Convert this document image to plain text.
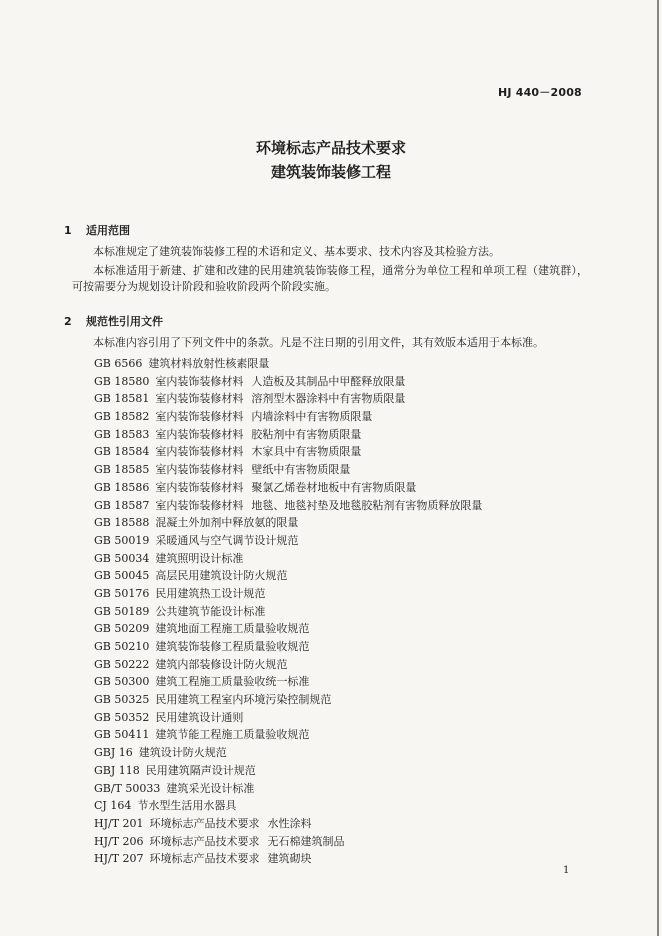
HJ 440－2008
环境标志产品技术要求
建筑装饰装修工程
1 适用范围
本标准规定了建筑装饰装修工程的术语和定义、基本要求、技术内容及其检验方法。
本标准适用于新建、扩建和改建的民用建筑装饰装修工程，通常分为单位工程和单项工程（建筑群），可按需要分为规划设计阶段和验收阶段两个阶段实施。
2 规范性引用文件
本标准内容引用了下列文件中的条款。凡是不注日期的引用文件，其有效版本适用于本标准。
GB 6566 建筑材料放射性核素限量
GB 18580 室内装饰装修材料 人造板及其制品中甲醛释放限量
GB 18581 室内装饰装修材料 溶剂型木器涂料中有害物质限量
GB 18582 室内装饰装修材料 内墙涂料中有害物质限量
GB 18583 室内装饰装修材料 胶粘剂中有害物质限量
GB 18584 室内装饰装修材料 木家具中有害物质限量
GB 18585 室内装饰装修材料 壁纸中有害物质限量
GB 18586 室内装饰装修材料 聚氯乙烯卷材地板中有害物质限量
GB 18587 室内装饰装修材料 地毯、地毯衬垫及地毯胶粘剂有害物质释放限量
GB 18588 混凝土外加剂中释放氨的限量
GB 50019 采暖通风与空气调节设计规范
GB 50034 建筑照明设计标准
GB 50045 高层民用建筑设计防火规范
GB 50176 民用建筑热工设计规范
GB 50189 公共建筑节能设计标准
GB 50209 建筑地面工程施工质量验收规范
GB 50210 建筑装饰装修工程质量验收规范
GB 50222 建筑内部装修设计防火规范
GB 50300 建筑工程施工质量验收统一标准
GB 50325 民用建筑工程室内环境污染控制规范
GB 50352 民用建筑设计通则
GB 50411 建筑节能工程施工质量验收规范
GBJ 16 建筑设计防火规范
GBJ 118 民用建筑隔声设计规范
GB/T 50033 建筑采光设计标准
CJ 164 节水型生活用水器具
HJ/T 201 环境标志产品技术要求 水性涂料
HJ/T 206 环境标志产品技术要求 无石棉建筑制品
HJ/T 207 环境标志产品技术要求 建筑砌块
1
